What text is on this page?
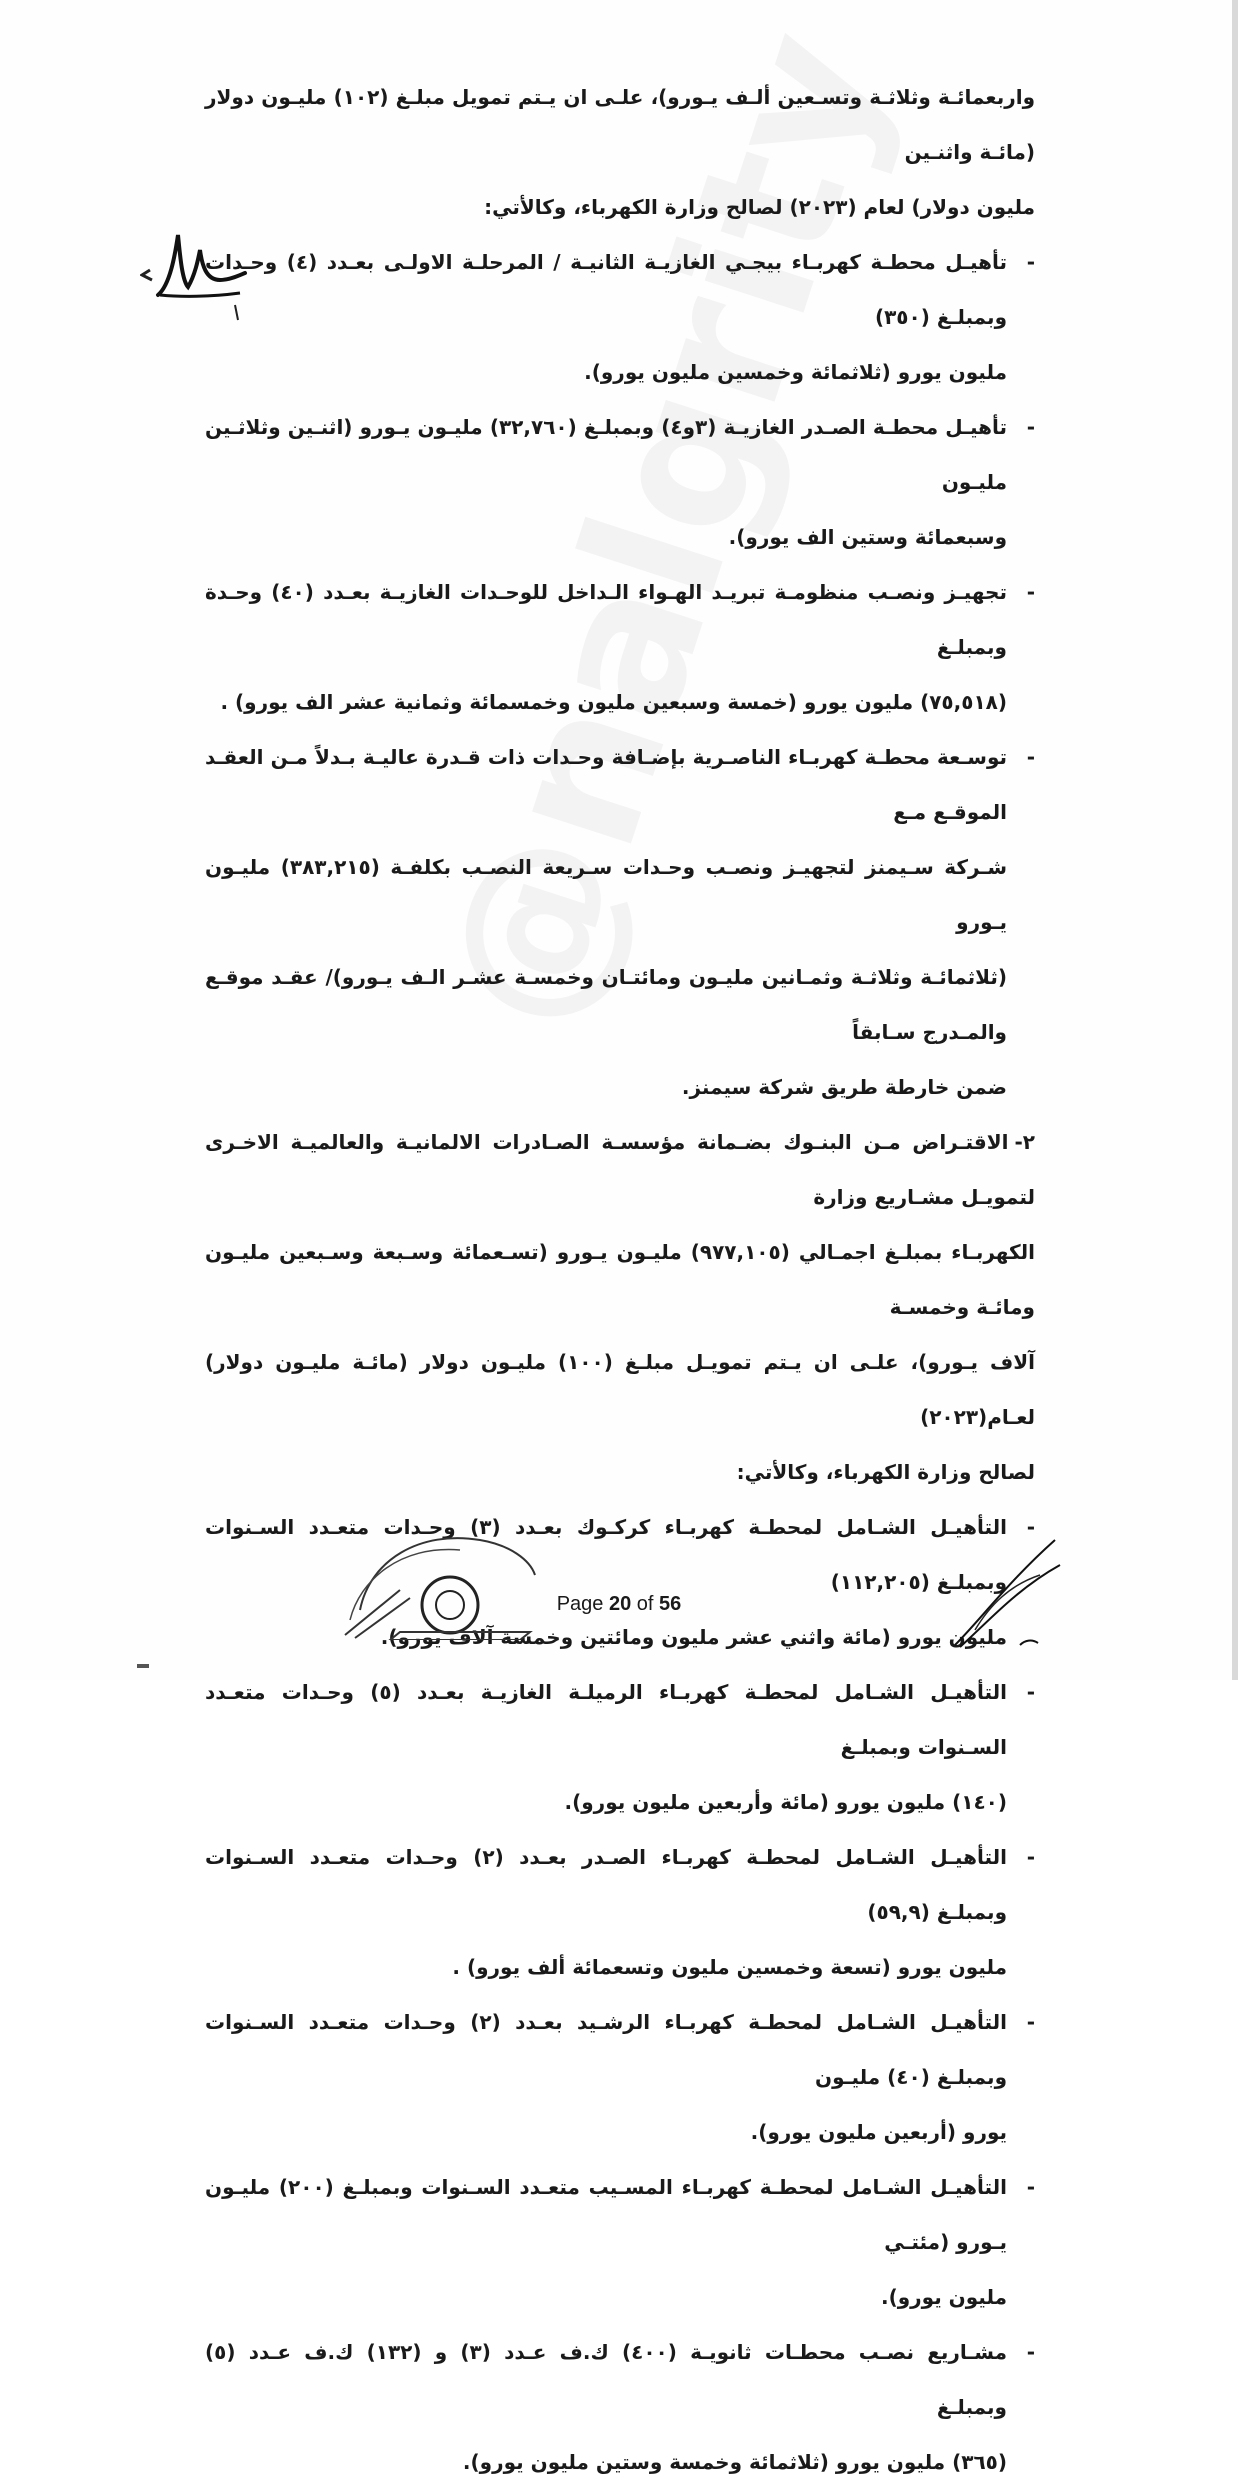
واربعمائـة وثلاثـة وتسـعين ألـف يـورو)، علـى ان يـتم تمويل مبلـغ (١٠٢) مليـون دولار (مائـة واثنـين

مليون دولار) لعام (٢٠٢٣) لصالح وزارة الكهرباء، وكالأتي:

-
تأهيـل محطـة كهربـاء بيجـي الغازيـة الثانيـة / المرحلـة الاولـى بعـدد (٤) وحـدات وبمبلـغ (٣٥٠)
مليون يورو (ثلاثمائة وخمسين مليون يورو).
-
تأهيـل محطـة الصـدر الغازيـة (٣و٤) وبمبلـغ (٣٢,٧٦٠) مليـون يـورو (اثنـين وثلاثـين مليـون
وسبعمائة وستين الف يورو).
-
تجهيـز ونصـب منظومـة تبريـد الهـواء الـداخل للوحـدات الغازيـة بعـدد (٤٠) وحـدة وبمبلـغ
(٧٥,٥١٨) مليون يورو (خمسة وسبعين مليون وخمسمائة وثمانية عشر الف يورو) .
-
توسـعة محطـة كهربـاء الناصـرية بإضـافة وحـدات ذات قـدرة عاليـة بـدلاً مـن العقـد الموقـع مـع
شـركة سـيمنز لتجهيـز ونصـب وحـدات سـريعة النصـب بكلفـة (٣٨٣,٢١٥) مليـون يـورو
(ثلاثمائـة وثلاثـة وثمـانين مليـون ومائتـان وخمسـة عشـر الـف يـورو)/ عقـد موقـع والمـدرج سـابقاً
ضمن خارطة طريق شركة سيمنز.
٢-الاقتـراض مـن البنـوك بضـمانة مؤسسـة الصـادرات الالمانيـة والعالميـة الاخـرى لتمويـل مشـاريع وزارة
الكهربـاء بمبلـغ اجمـالي (٩٧٧,١٠٥) مليـون يـورو (تسـعمائة وسـبعة وسـبعين مليـون ومائـة وخمسـة
آلاف يـورو)، علـى ان يـتم تمويـل مبلـغ (١٠٠) مليـون دولار (مائـة مليـون دولار) لعـام(٢٠٢٣)
لصالح وزارة الكهرباء، وكالأتي:
-
التأهيـل الشـامل لمحطـة كهربـاء كركـوك بعـدد (٣) وحـدات متعـدد السـنوات وبمبلـغ (١١٢,٢٠٥)
مليون يورو (مائة واثني عشر مليون ومائتين وخمسة آلاف يورو).
-
التأهيـل الشـامل لمحطـة كهربـاء الرميلـة الغازيـة بعـدد (٥) وحـدات متعـدد السـنوات وبمبلـغ
(١٤٠) مليون يورو (مائة وأربعين مليون يورو).
-
التأهيـل الشـامل لمحطـة كهربـاء الصـدر بعـدد (٢) وحـدات متعـدد السـنوات وبمبلـغ (٥٩,٩)
مليون يورو (تسعة وخمسين مليون وتسعمائة ألف يورو) .
-
التأهيـل الشـامل لمحطـة كهربـاء الرشـيد بعـدد (٢) وحـدات متعـدد السـنوات وبمبلـغ (٤٠) مليـون
يورو (أربعين مليون يورو).
-
التأهيـل الشـامل لمحطـة كهربـاء المسـيب متعـدد السـنوات وبمبلـغ (٢٠٠) مليـون يـورو (مئتـي
مليون يورو).
-
مشـاريع نصـب محطـات ثانويـة (٤٠٠) ك.ف عـدد (٣) و (١٣٢) ك.ف عـدد (٥) وبمبلـغ
(٣٦٥) مليون يورو (ثلاثمائة وخمسة وستين مليون يورو).
Page 20 of 56
